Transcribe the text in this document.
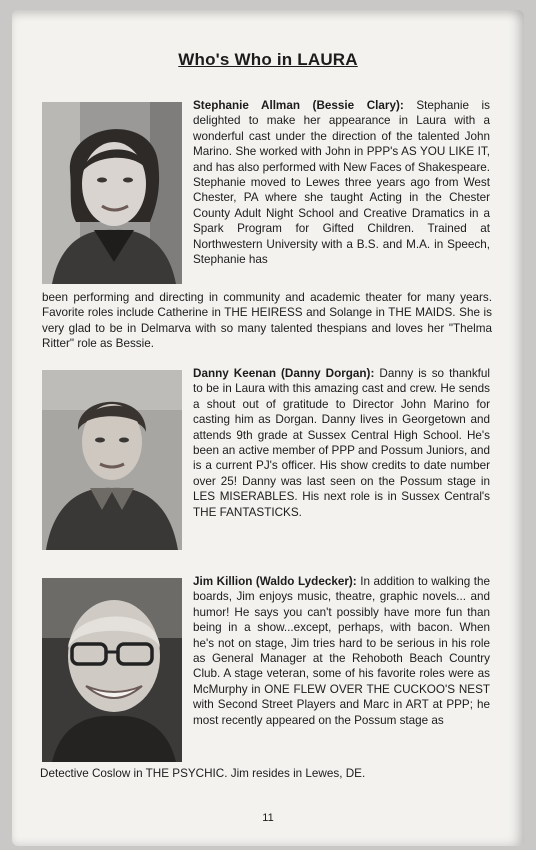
Who's Who in LAURA

Stephanie Allman (Bessie Clary): Stephanie is delighted to make her appearance in Laura with a wonderful cast under the direction of the talented John Marino. She worked with John in PPP's AS YOU LIKE IT, and has also performed with New Faces of Shakespeare. Stephanie moved to Lewes three years ago from West Chester, PA where she taught Acting in the Chester County Adult Night School and Creative Dramatics in a Spark Program for Gifted Children. Trained at Northwestern University with a B.S. and M.A. in Speech, Stephanie has

been performing and directing in community and academic theater for many years. Favorite roles include Catherine in THE HEIRESS and Solange in THE MAIDS. She is very glad to be in Delmarva with so many talented thespians and loves her "Thelma Ritter" role as Bessie.

Danny Keenan (Danny Dorgan): Danny is so thankful to be in Laura with this amazing cast and crew. He sends a shout out of gratitude to Director John Marino for casting him as Dorgan. Danny lives in Georgetown and attends 9th grade at Sussex Central High School. He's been an active member of PPP and Possum Juniors, and is a current PJ's officer. His show credits to date number over 25! Danny was last seen on the Possum stage in LES MISERABLES. His next role is in Sussex Central's THE FANTASTICKS.

Jim Killion (Waldo Lydecker): In addition to walking the boards, Jim enjoys music, theatre, graphic novels... and humor! He says you can't possibly have more fun than being in a show...except, perhaps, with bacon. When he's not on stage, Jim tries hard to be serious in his role as General Manager at the Rehoboth Beach Country Club. A stage veteran, some of his favorite roles were as McMurphy in ONE FLEW OVER THE CUCKOO'S NEST with Second Street Players and Marc in ART at PPP; he most recently appeared on the Possum stage as

Detective Coslow in THE PSYCHIC. Jim resides in Lewes, DE.

11
